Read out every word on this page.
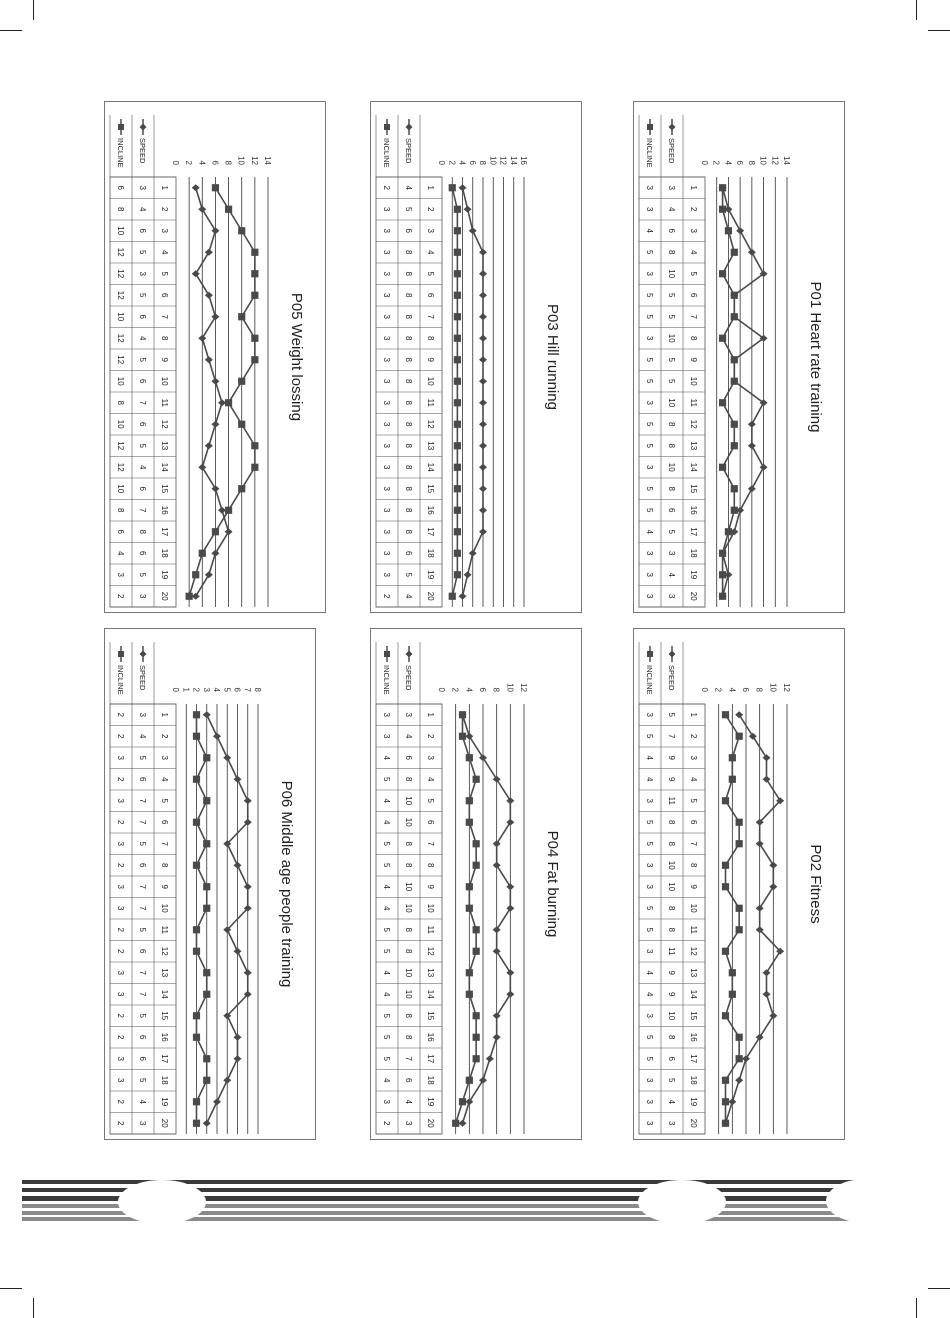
P01 Heart rate training
0 2 4 6 8 10 12 14
1
2
3
4
5
6
7
8
9
10
11
12
13
14
15
16
17
18
19
20
SPEED
3
4
6
8
10
5
5
10
5
5
10
8
8
10
8
6
5
3
4
3
INCLINE
3
3
4
5
3
5
5
3
5
5
3
5
5
3
5
5
4
3
3
3
P02 Fitness
0 2 4 6 8 10 12
1
2
3
4
5
6
7
8
9
10
11
12
13
14
15
16
17
18
19
20
SPEED
5
7
9
9
11
8
8
10
10
8
8
11
9
9
10
8
6
5
4
3
INCLINE
3
5
4
4
3
5
5
3
3
5
5
3
4
4
3
5
5
3
3
3
P03 Hill running
0 2 4 6 8 10 12 14 16
1
2
3
4
5
6
7
8
9
10
11
12
13
14
15
16
17
18
19
20
SPEED
4
5
6
8
8
8
8
8
8
8
8
8
8
8
8
8
8
6
5
4
INCLINE
2
3
3
3
3
3
3
3
3
3
3
3
3
3
3
3
3
3
3
2
P04 Fat burning
0 2 4 6 8 10 12
1
2
3
4
5
6
7
8
9
10
11
12
13
14
15
16
17
18
19
20
SPEED
3
4
6
8
10
10
8
8
10
10
8
8
10
10
8
8
7
6
4
3
INCLINE
3
3
4
5
4
4
5
5
4
4
5
5
4
4
5
5
5
4
3
2
P05 Weight lossing
0 2 4 6 8 10 12 14
1
2
3
4
5
6
7
8
9
10
11
12
13
14
15
16
17
18
19
20
SPEED
3
4
6
5
3
5
6
4
5
6
7
6
5
4
6
7
8
6
5
3
INCLINE
6
8
10
12
12
12
10
12
12
10
8
10
12
12
10
8
6
4
3
2
P06 Middle age people training
0 1 2 3 4 5 6 7 8
1
2
3
4
5
6
7
8
9
10
11
12
13
14
15
16
17
18
19
20
SPEED
3
4
5
6
7
7
5
6
7
7
5
6
7
7
5
6
6
5
4
3
INCLINE
2
2
3
2
3
2
3
2
3
3
2
2
3
3
2
2
3
3
2
2
